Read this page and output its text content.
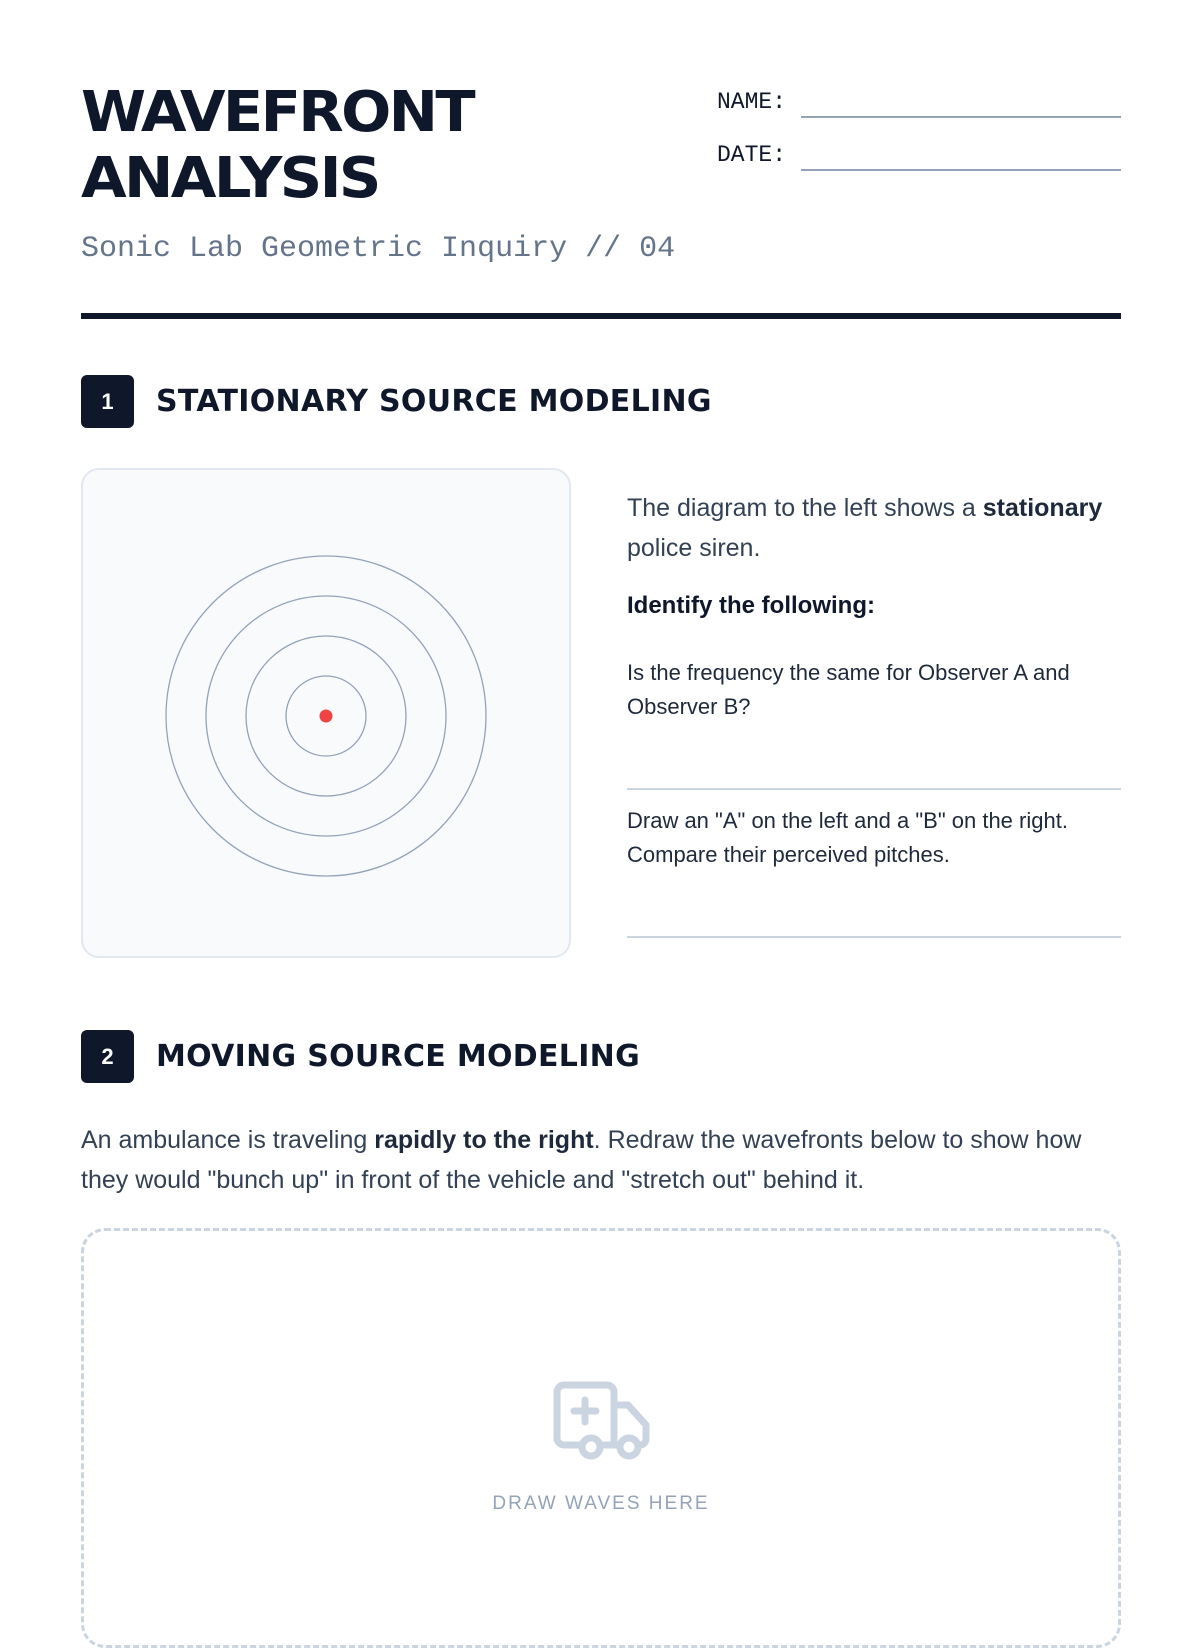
WAVEFRONT
ANALYSIS
Sonic Lab Geometric Inquiry // 04
NAME:
DATE:
1	STATIONARY SOURCE MODELING

The diagram to the left shows a stationary police siren.

Identify the following:

Is the frequency the same for Observer A and Observer B?

Draw an "A" on the left and a "B" on the right. Compare their perceived pitches.

2	MOVING SOURCE MODELING

An ambulance is traveling rapidly to the right. Redraw the wavefronts below to show how they would "bunch up" in front of the vehicle and "stretch out" behind it.

DRAW WAVES HERE
